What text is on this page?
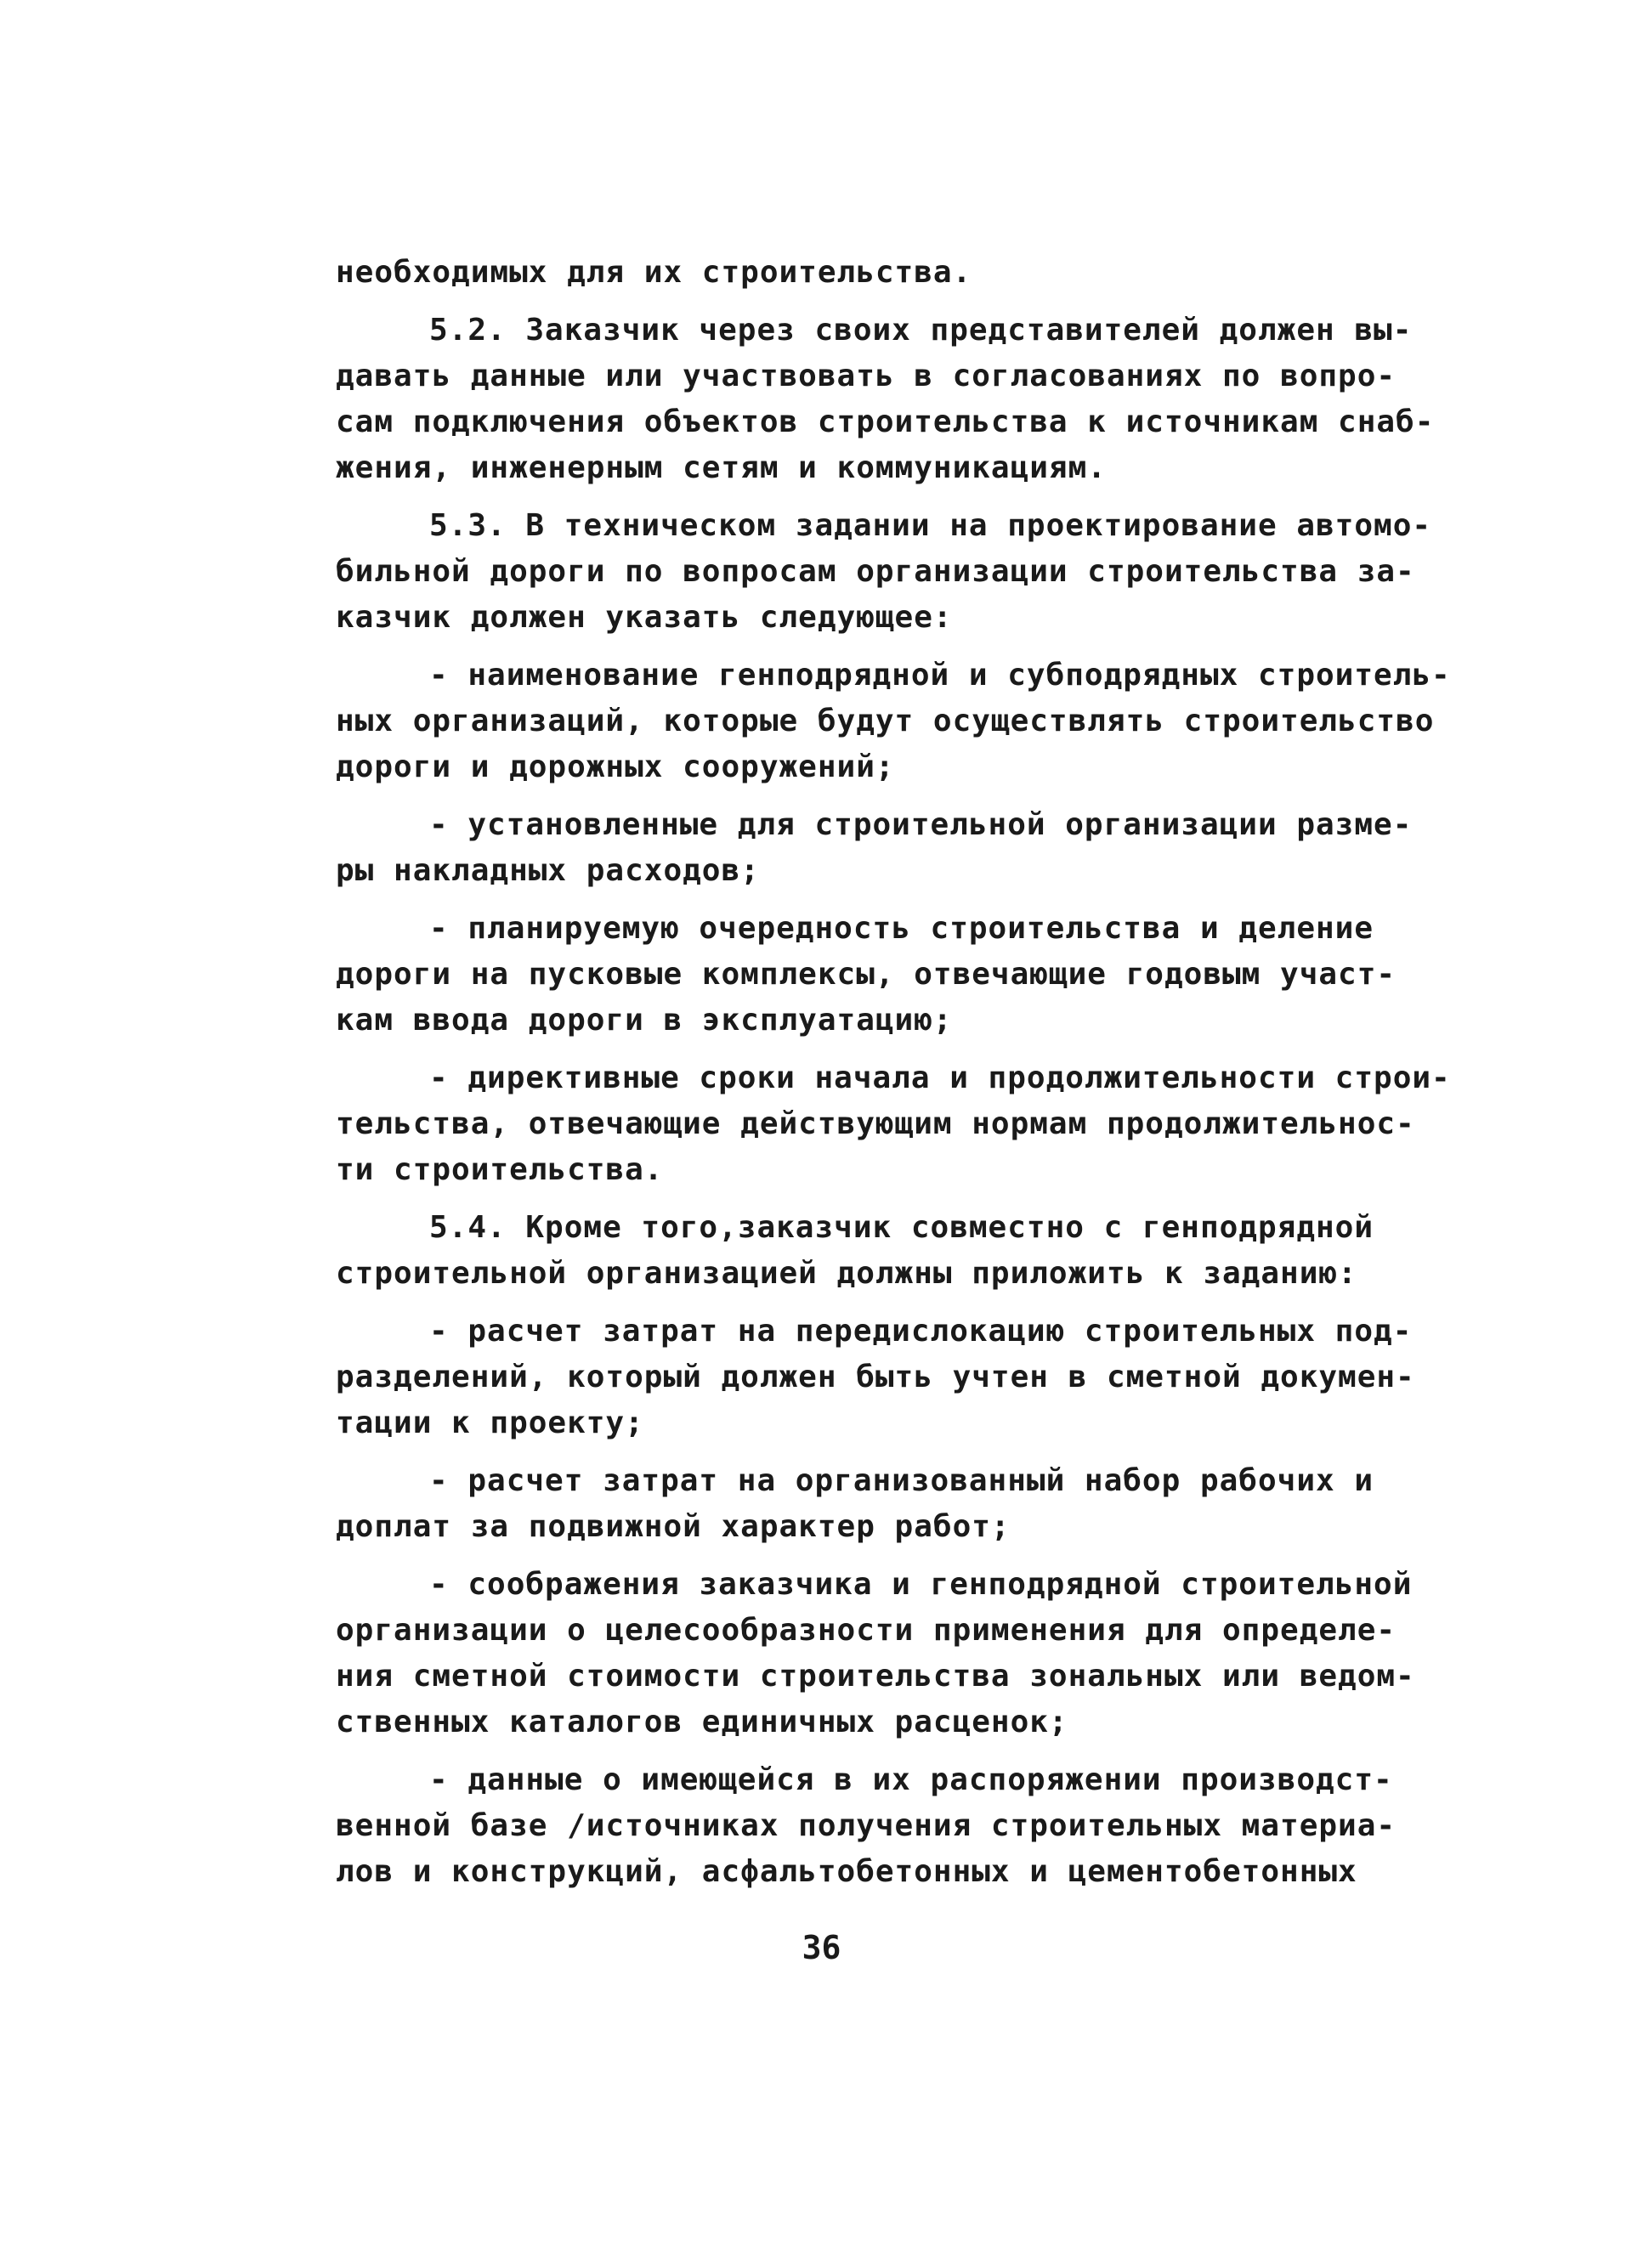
необходимых для их строительства.
5.2. Заказчик через своих представителей должен вы-
давать данные или участвовать в согласованиях по вопро-
сам подключения объектов строительства к источникам снаб-
жения, инженерным сетям и коммуникациям.
5.3. В техническом задании на проектирование автомо-
бильной дороги по вопросам организации строительства за-
казчик должен указать следующее:
- наименование генподрядной и субподрядных строитель-
ных организаций, которые будут осуществлять строительство
дороги и дорожных сооружений;
- установленные для строительной организации разме-
ры накладных расходов;
- планируемую очередность строительства и деление
дороги на пусковые комплексы, отвечающие годовым участ-
кам ввода дороги в эксплуатацию;
- директивные сроки начала и продолжительности строи-
тельства, отвечающие действующим нормам продолжительнос-
ти строительства.
5.4. Кроме того,заказчик совместно с генподрядной
строительной организацией должны приложить к заданию:
- расчет затрат на передислокацию строительных под-
разделений, который должен быть учтен в сметной докумен-
тации к проекту;
- расчет затрат на организованный набор рабочих и
доплат за подвижной характер работ;
- соображения заказчика и генподрядной строительной
организации о целесообразности применения для определе-
ния сметной стоимости строительства зональных или ведом-
ственных каталогов единичных расценок;
- данные о имеющейся в их распоряжении производст-
венной базе /источниках получения строительных материа-
лов и конструкций, асфальтобетонных и цементобетонных
36
